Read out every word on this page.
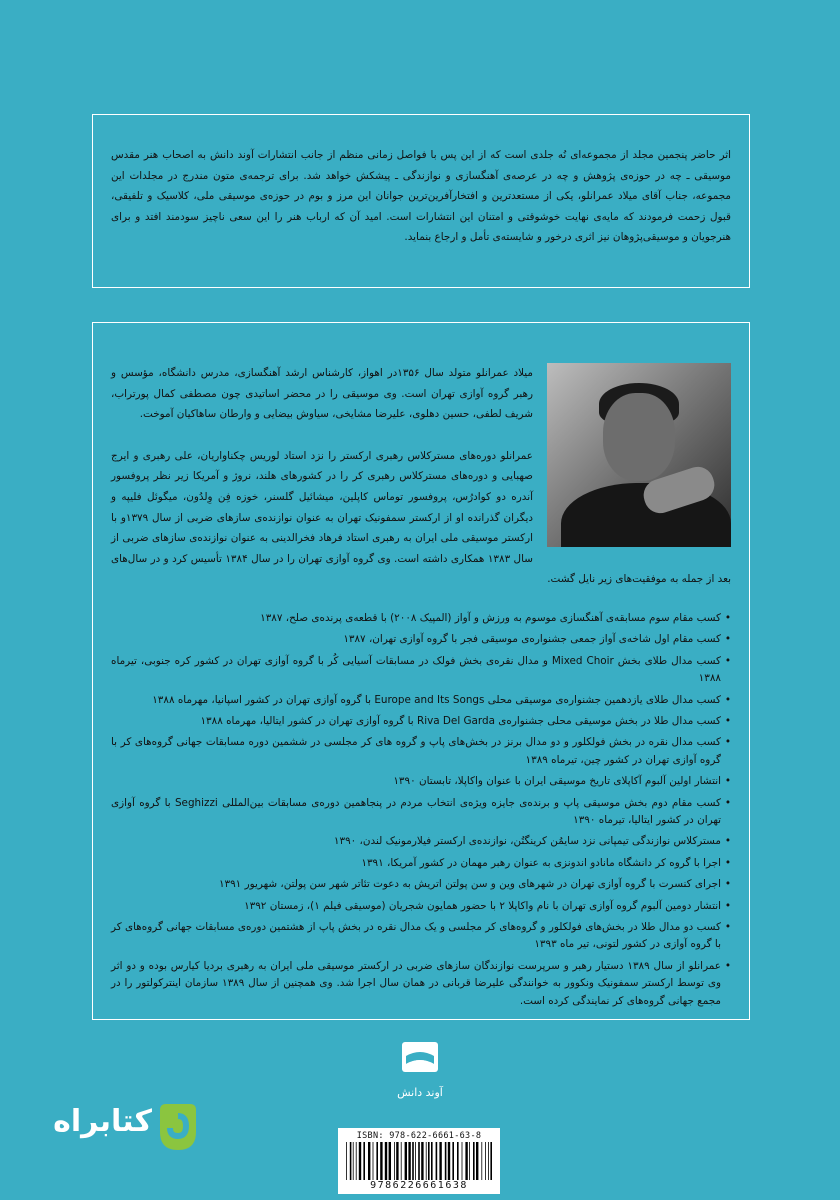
اثر حاضر پنجمین مجلد از مجموعه‌ای نُه جلدی است که از این پس با فواصل زمانی منظم از جانب انتشارات آوند دانش به اصحاب هنر مقدس موسیقی ـ چه در حوزه‌ی پژوهش و چه در عرصه‌ی آهنگسازی و نوازندگی ـ پیشکش خواهد شد. برای ترجمه‌ی متون مندرج در مجلدات این مجموعه، جناب آقای میلاد عمرانلو، یکی از مستعدترین و افتخارآفرین‌ترین جوانان این مرز و بوم در حوزه‌ی موسیقی ملی، کلاسیک و تلفیقی، قبول زحمت فرمودند که مایه‌ی نهایت خوشوقتی و امتنان این انتشارات است. امید آن که ارباب هنر را این سعی ناچیز سودمند افتد و برای هنرجویان و موسیقی‌پژوهان نیز اثری درخور و شایسته‌ی تأمل و ارجاع بنماید.

میلاد عمرانلو متولد سال ۱۳۵۶در اهواز، کارشناس ارشد آهنگسازی، مدرس دانشگاه، مؤسس و رهبر گروه آوازی تهران است. وی موسیقی را در محضر اساتیدی چون مصطفی کمال پورتراب، شریف لطفی، حسین دهلوی، علیرضا مشایخی، سیاوش بیضایی و وارطان ساهاکیان آموخت.

عمرانلو دوره‌های مسترکلاس رهبری ارکستر را نزد استاد لوریس چکناواریان، علی رهبری و ایرج صهبایی و دوره‌های مسترکلاس رهبری کر را در کشورهای هلند، نروژ و آمریکا زیر نظر پروفسور آندره دو کوادرُس، پروفسور توماس کاپلین، میشائیل گلسنر، خوزه فِن وِلدُون، میگوئل فلیپه و دیگران گذرانده او از ارکستر سمفونیک تهران به عنوان نوازنده‌ی سازهای ضربی از سال ۱۳۷۹و با ارکستر موسیقی ملی ایران به رهبری استاد فرهاد فخرالدینی به عنوان نوازنده‌ی سازهای ضربی از سال ۱۳۸۳ همکاری داشته است. وی گروه آوازی تهران را در سال ۱۳۸۴ تأسیس کرد و در سال‌های بعد از جمله به موفقیت‌های زیر نایل گشت.

• کسب مقام سوم مسابقه‌ی آهنگسازی موسوم به ورزش و آواز (المپیک ۲۰۰۸) با قطعه‌ی پرنده‌ی صلح، ۱۳۸۷
• کسب مقام اول شاخه‌ی آواز جمعی جشنواره‌ی موسیقی فجر با گروه آوازی تهران، ۱۳۸۷
• کسب مدال طلای بخش Mixed Choir و مدال نقره‌ی بخش فولک در مسابقات آسیایی کُر با گروه آوازی تهران در کشور کره جنوبی، تیرماه ۱۳۸۸
• کسب مدال طلای یازدهمین جشنواره‌ی موسیقی محلی Europe and Its Songs با گروه آوازی تهران در کشور اسپانیا، مهرماه ۱۳۸۸
• کسب مدال طلا در بخش موسیقی محلی جشنواره‌ی Riva Del Garda با گروه آوازی تهران در کشور ایتالیا، مهرماه ۱۳۸۸
• کسب مدال نقره در بخش فولکلور و دو مدال برنز در بخش‌های پاپ و گروه های کر مجلسی در ششمین دوره مسابقات جهانی گروه‌های کر با گروه آوازی تهران در کشور چین، تیرماه ۱۳۸۹
• انتشار اولین آلبوم آکاپلای تاریخ موسیقی ایران با عنوان واکاپلا، تابستان ۱۳۹۰
• کسب مقام دوم بخش موسیقی پاپ و برنده‌ی جایزه ویژه‌ی انتخاب مردم در پنجاهمین دوره‌ی مسابقات بین‌المللی Seghizzi با گروه آوازی تهران در کشور ایتالیا، تیرماه ۱۳۹۰
• مسترکلاس نوازندگی تیمپانی نزد سایمُن کرینگتُن، نوازنده‌ی ارکستر فیلارمونیک لندن، ۱۳۹۰
• اجرا با گروه کر دانشگاه مانادو اندونزی به عنوان رهبر مهمان در کشور آمریکا، ۱۳۹۱
• اجرای کنسرت با گروه آوازی تهران در شهرهای وین و سن پولتن اتریش به دعوت تئاتر شهر سن پولتن، شهریور ۱۳۹۱
• انتشار دومین آلبوم گروه آوازی تهران با نام واکاپلا ۲ با حضور همایون شجریان (موسیقی فیلم ۱)، زمستان ۱۳۹۲
• کسب دو مدال طلا در بخش‌های فولکلور و گروه‌های کر مجلسی و یک مدال نقره در بخش پاپ از هشتمین دوره‌ی مسابقات جهانی گروه‌های کر با گروه آوازی در کشور لتونی، تیر ماه ۱۳۹۳
• عمرانلو از سال ۱۳۸۹ دستیار رهبر و سرپرست نوازندگان سازهای ضربی در ارکستر موسیقی ملی ایران به رهبری بردیا کیارس بوده و دو اثر وی توسط ارکستر سمفونیک ونکوور به خوانندگی علیرضا قربانی در همان سال اجرا شد. وی همچنین از سال ۱۳۸۹ سازمان اینترکولتور را در مجمع جهانی گروه‌های کر نمایندگی کرده است.
آوند دانش
کتابراه	ISBN: 978-622-6661-63-8
9786226661638
